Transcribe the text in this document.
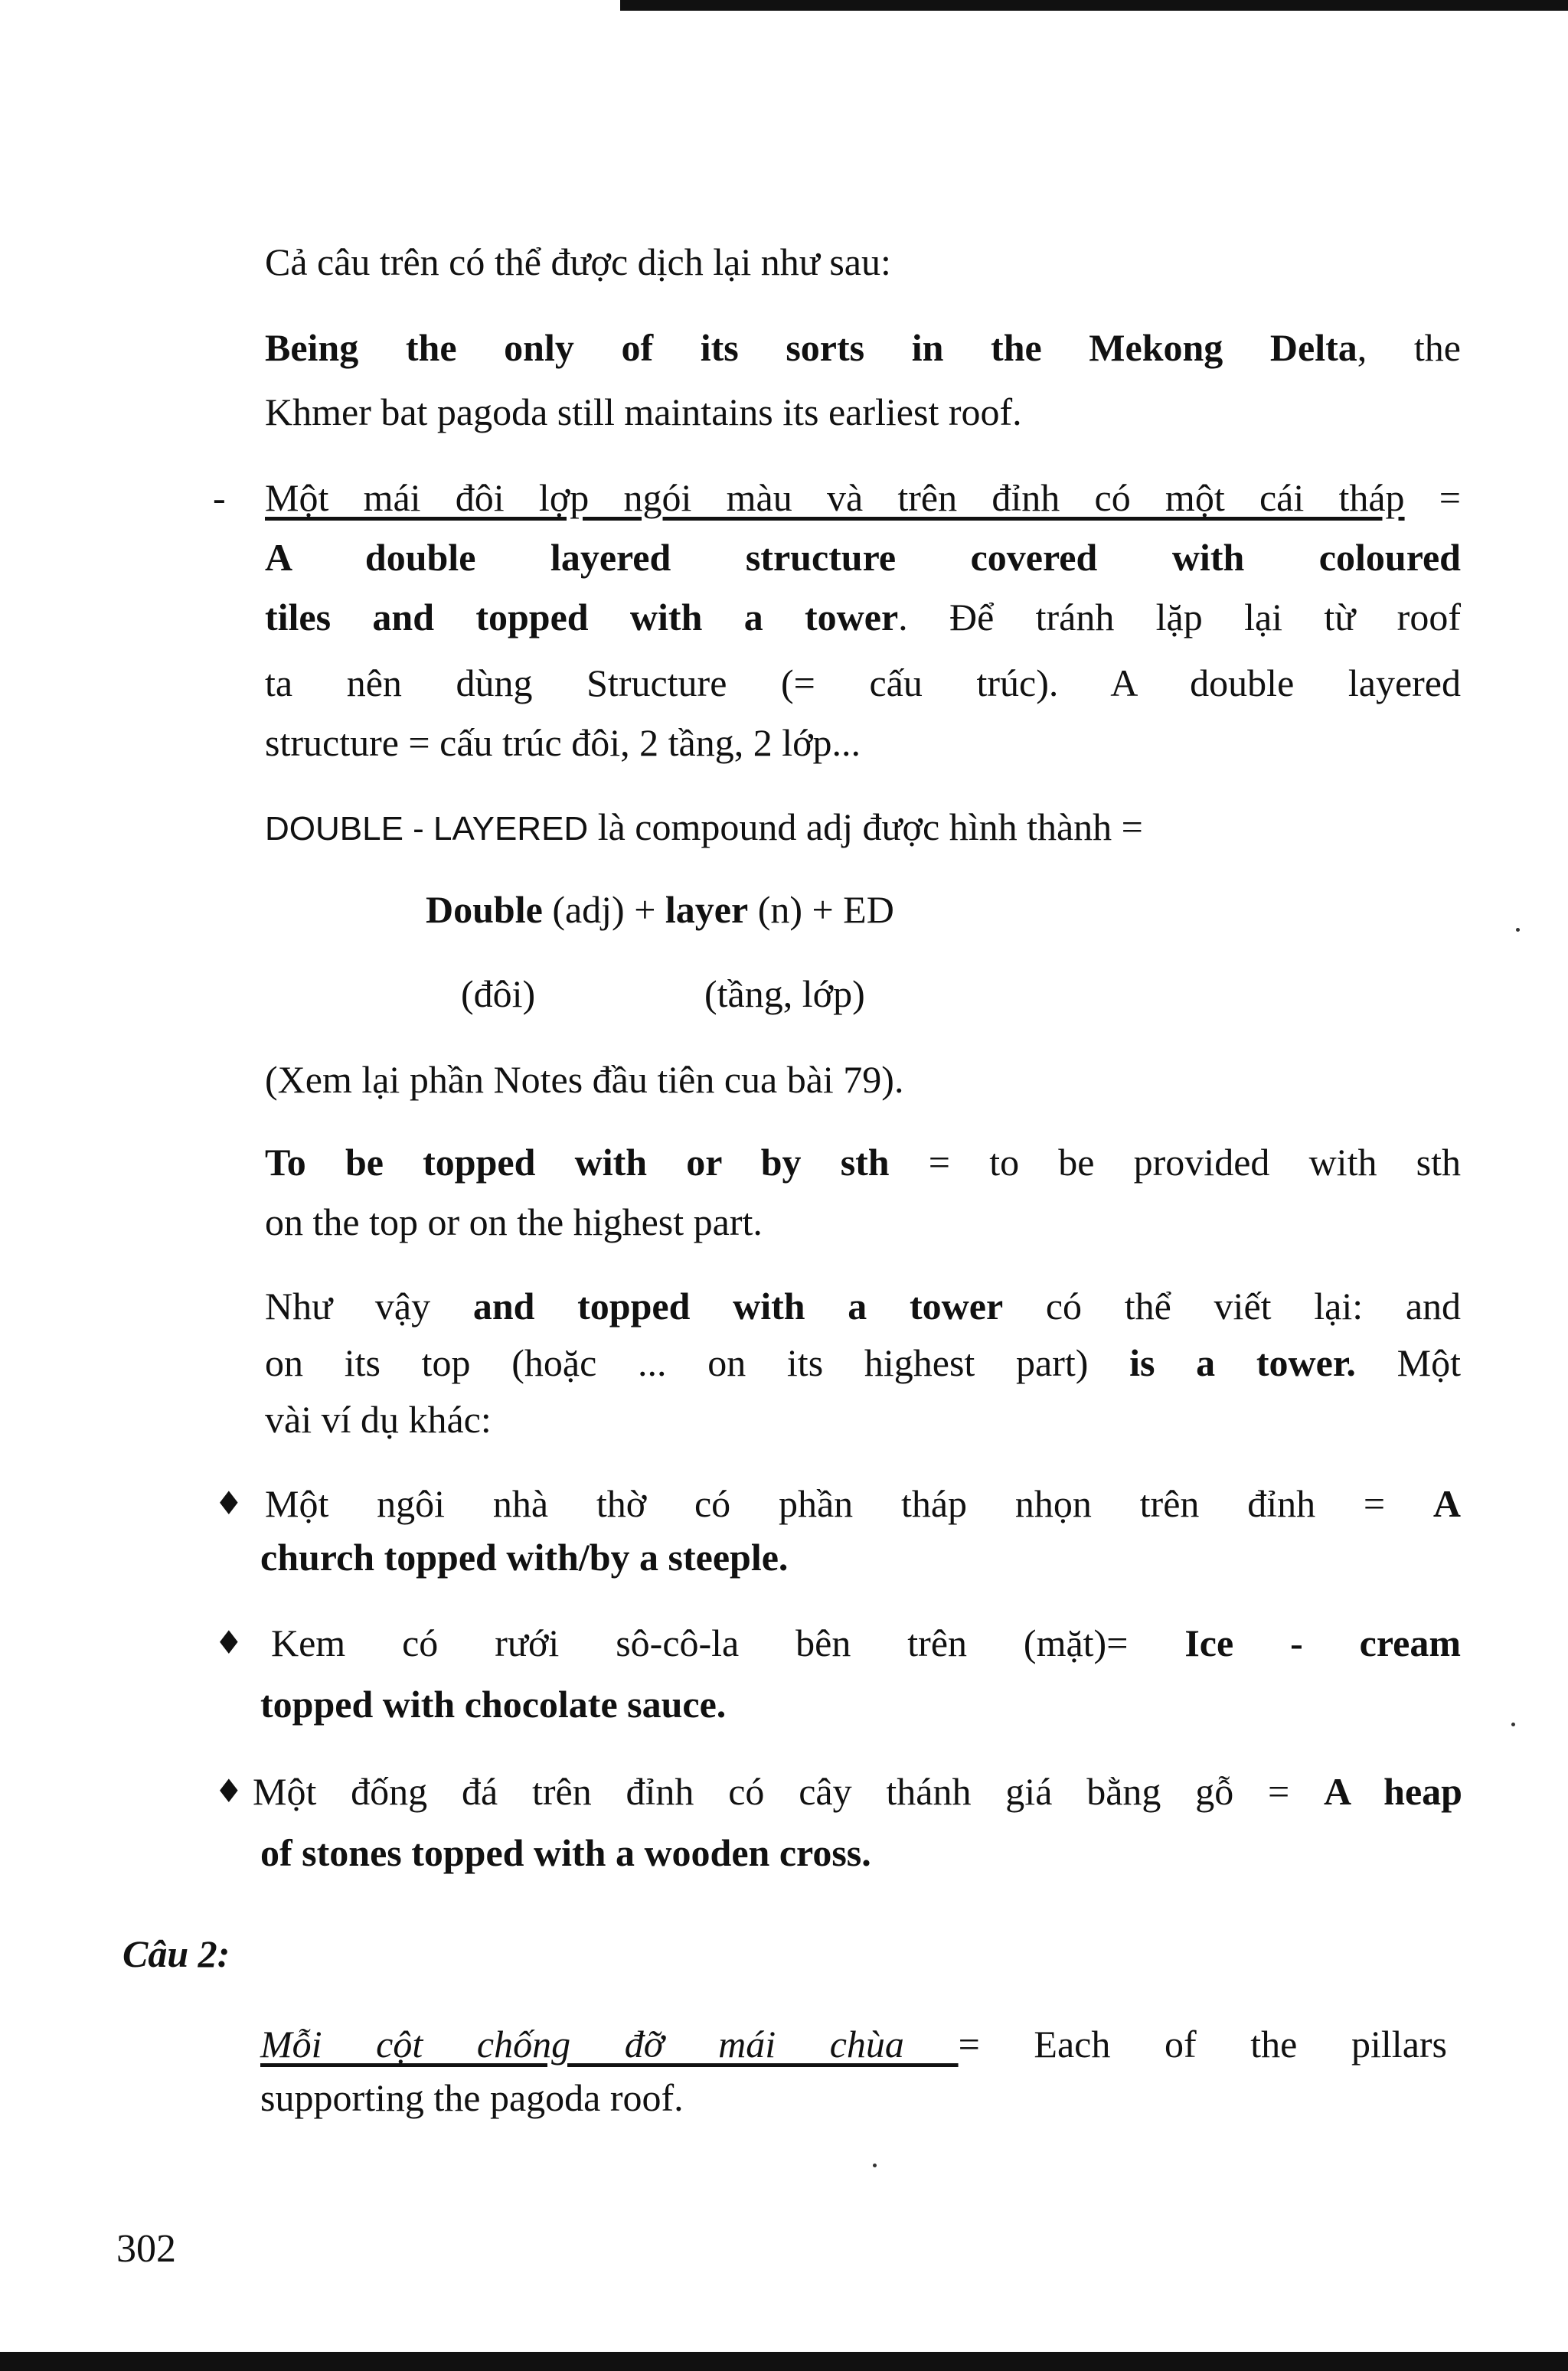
Cả câu trên có thể được dịch lại như sau:
Being the only of its sorts in the Mekong Delta, the
Khmer bat pagoda still maintains its earliest roof.
- Một mái đôi lợp ngói màu và trên đỉnh có một cái tháp =
A double layered structure covered with coloured
tiles and topped with a tower. Để tránh lặp lại từ roof
ta nên dùng Structure (= cấu trúc). A double layered
structure = cấu trúc đôi, 2 tầng, 2 lớp...
DOUBLE - LAYERED là compound adj được hình thành =
Double (adj) + layer (n) + ED
(đôi)	(tầng, lớp)
(Xem lại phần Notes đầu tiên cua bài 79).
To be topped with or by sth = to be provided with sth
on the top or on the highest part.
Như vậy and topped with a tower có thể viết lại: and
on its top (hoặc ... on its highest part) is a tower. Một
vài ví dụ khác:
♦ Một ngôi nhà thờ có phần tháp nhọn trên đỉnh = A
church topped with/by a steeple.
♦ Kem có rưới sô-cô-la bên trên (mặt)= Ice - cream
topped with chocolate sauce.
♦ Một đống đá trên đỉnh có cây thánh giá bằng gỗ = A heap
of stones topped with a wooden cross.
Câu 2:
Mỗi cột chống đỡ mái chùa = Each of the pillars
supporting the pagoda roof.
302
